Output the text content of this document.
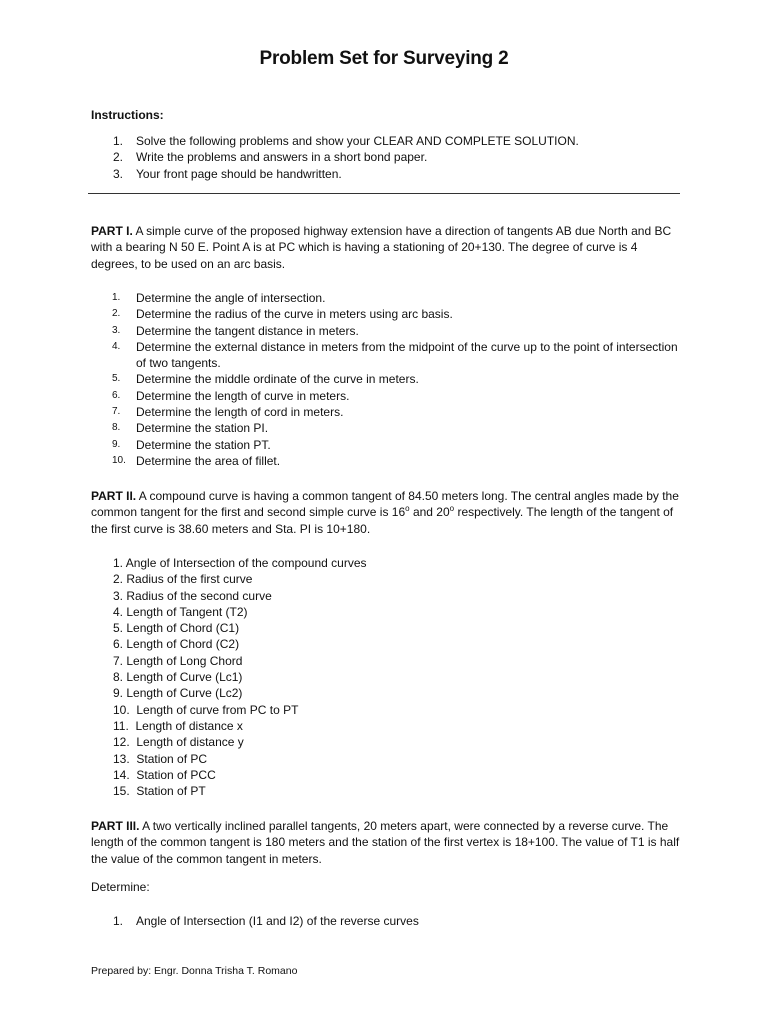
Problem Set for Surveying 2
Instructions:
1.	Solve the following problems and show your CLEAR AND COMPLETE SOLUTION.
2.	Write the problems and answers in a short bond paper.
3.	Your front page should be handwritten.
PART I. A simple curve of the proposed highway extension have a direction of tangents AB due North and BC with a bearing N 50 E. Point A is at PC which is having a stationing of 20+130. The degree of curve is 4 degrees, to be used on an arc basis.
1.	Determine the angle of intersection.
2.	Determine the radius of the curve in meters using arc basis.
3.	Determine the tangent distance in meters.
4.	Determine the external distance in meters from the midpoint of the curve up to the point of intersection of two tangents.
5.	Determine the middle ordinate of the curve in meters.
6.	Determine the length of curve in meters.
7.	Determine the length of cord in meters.
8.	Determine the station PI.
9.	Determine the station PT.
10. Determine the area of fillet.
PART II. A compound curve is having a common tangent of 84.50 meters long. The central angles made by the common tangent for the first and second simple curve is 16$^o$ and 20$^o$ respectively. The length of the tangent of the first curve is 38.60 meters and Sta. PI is 10+180.
1. Angle of Intersection of the compound curves
2. Radius of the first curve
3. Radius of the second curve
4. Length of Tangent (T2)
5. Length of Chord (C1)
6. Length of Chord (C2)
7. Length of Long Chord
8. Length of Curve (Lc1)
9. Length of Curve (Lc2)
10. Length of curve from PC to PT
11. Length of distance x
12. Length of distance y
13. Station of PC
14. Station of PCC
15. Station of PT
PART III. A two vertically inclined parallel tangents, 20 meters apart, were connected by a reverse curve. The length of the common tangent is 180 meters and the station of the first vertex is 18+100. The value of T1 is half the value of the common tangent in meters.
Determine:
1.	Angle of Intersection (I1 and I2) of the reverse curves
Prepared by: Engr. Donna Trisha T. Romano
